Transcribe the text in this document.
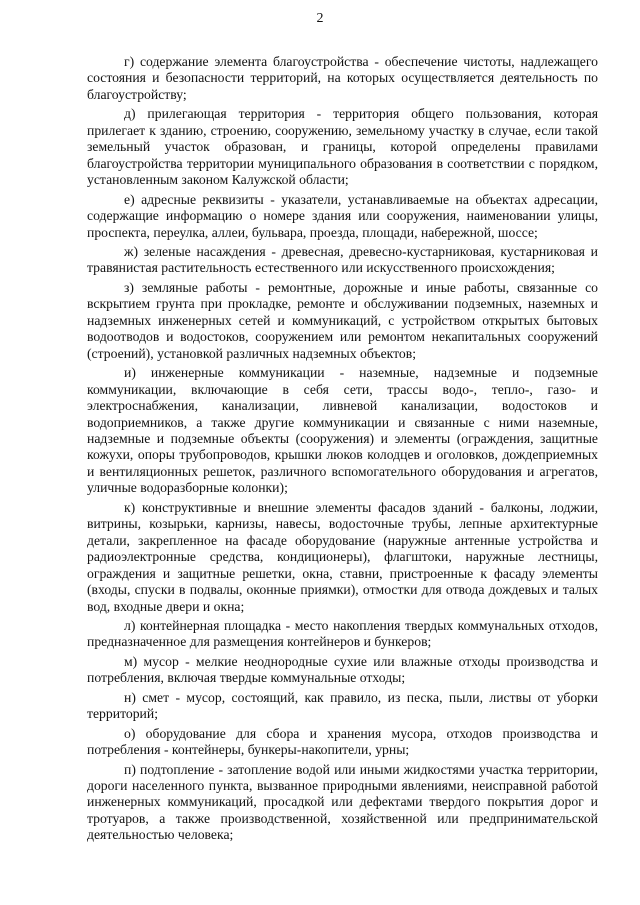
2

г) содержание элемента благоустройства - обеспечение чистоты, надлежащего состояния и безопасности территорий, на которых осуществляется деятельность по благоустройству;

д) прилегающая территория - территория общего пользования, которая прилегает к зданию, строению, сооружению, земельному участку в случае, если такой земельный участок образован, и границы, которой определены правилами благоустройства территории муниципального образования в соответствии с порядком, установленным законом Калужской области;

е) адресные реквизиты - указатели, устанавливаемые на объектах адресации, содержащие информацию о номере здания или сооружения, наименовании улицы, проспекта, переулка, аллеи, бульвара, проезда, площади, набережной, шоссе;

ж) зеленые насаждения - древесная, древесно-кустарниковая, кустарниковая и травянистая растительность естественного или искусственного происхождения;

з) земляные работы - ремонтные, дорожные и иные работы, связанные со вскрытием грунта при прокладке, ремонте и обслуживании подземных, наземных и надземных инженерных сетей и коммуникаций, с устройством открытых бытовых водоотводов и водостоков, сооружением или ремонтом некапитальных сооружений (строений), установкой различных надземных объектов;

и) инженерные коммуникации - наземные, надземные и подземные коммуникации, включающие в себя сети, трассы водо-, тепло-, газо- и электроснабжения, канализации, ливневой канализации, водостоков и водоприемников, а также другие коммуникации и связанные с ними наземные, надземные и подземные объекты (сооружения) и элементы (ограждения, защитные кожухи, опоры трубопроводов, крышки люков колодцев и оголовков, дождеприемных и вентиляционных решеток, различного вспомогательного оборудования и агрегатов, уличные водоразборные колонки);

к) конструктивные и внешние элементы фасадов зданий - балконы, лоджии, витрины, козырьки, карнизы, навесы, водосточные трубы, лепные архитектурные детали, закрепленное на фасаде оборудование (наружные антенные устройства и радиоэлектронные средства, кондиционеры), флагштоки, наружные лестницы, ограждения и защитные решетки, окна, ставни, пристроенные к фасаду элементы (входы, спуски в подвалы, оконные приямки), отмостки для отвода дождевых и талых вод, входные двери и окна;

л) контейнерная площадка - место накопления твердых коммунальных отходов, предназначенное для размещения контейнеров и бункеров;

м) мусор - мелкие неоднородные сухие или влажные отходы производства и потребления, включая твердые коммунальные отходы;

н) смет - мусор, состоящий, как правило, из песка, пыли, листвы от уборки территорий;

о) оборудование для сбора и хранения мусора, отходов производства и потребления - контейнеры, бункеры-накопители, урны;

п) подтопление - затопление водой или иными жидкостями участка территории, дороги населенного пункта, вызванное природными явлениями, неисправной работой инженерных коммуникаций, просадкой или дефектами твердого покрытия дорог и тротуаров, а также производственной, хозяйственной или предпринимательской деятельностью человека;
